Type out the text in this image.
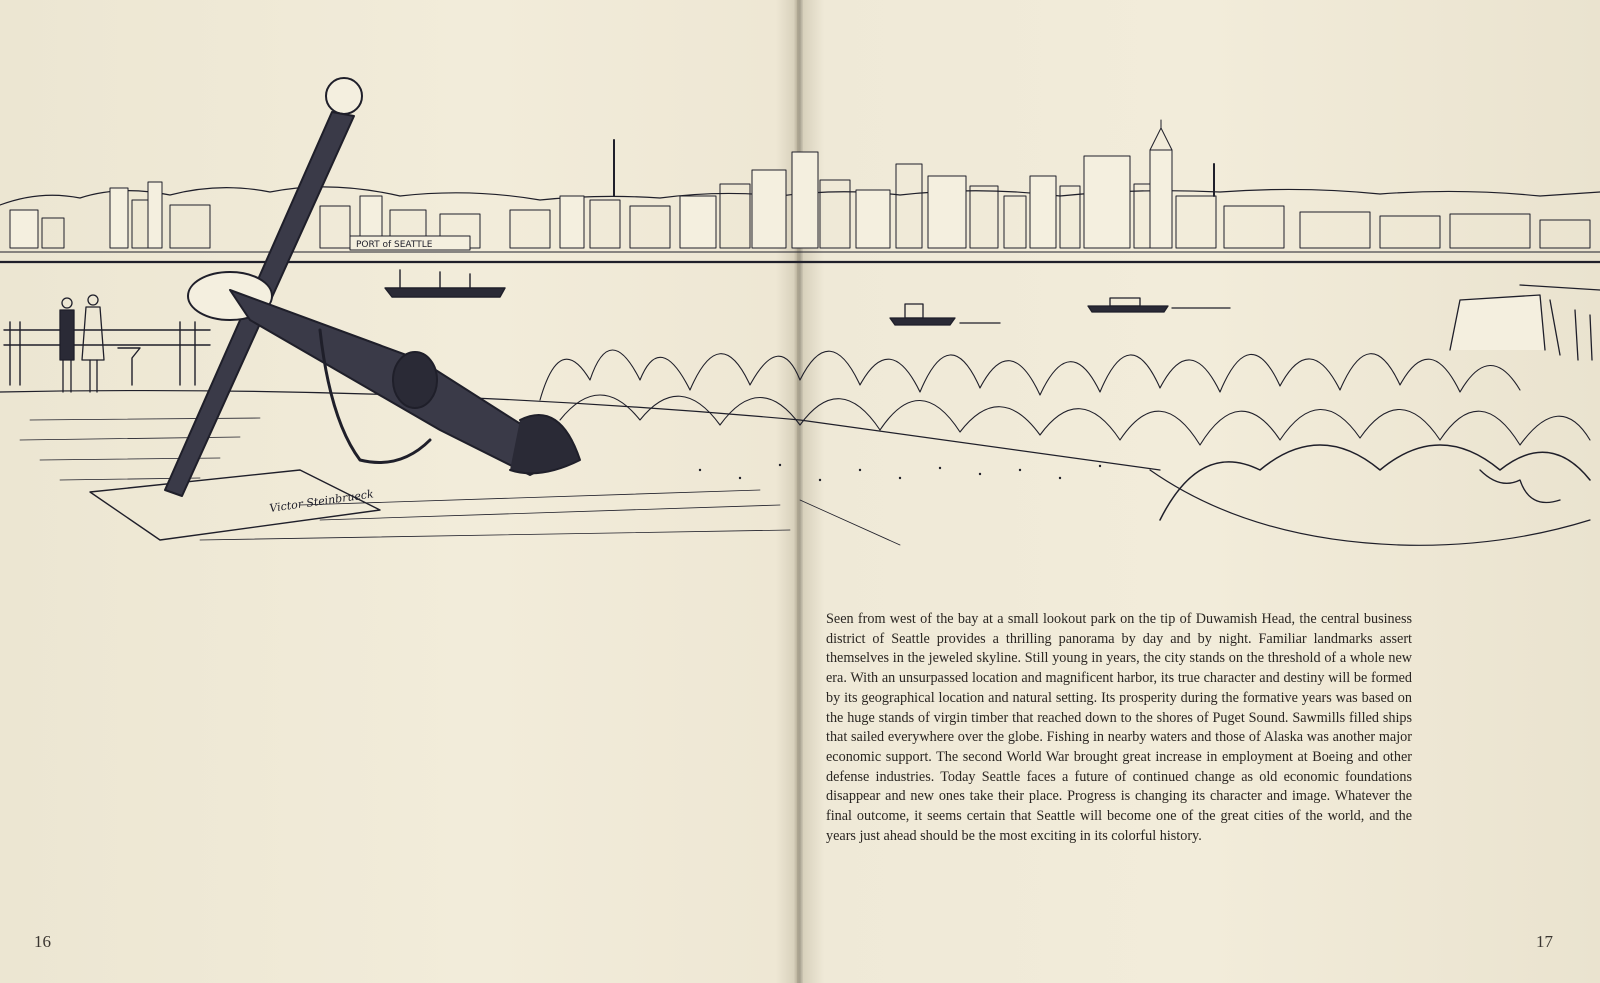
PORT of SEATTLE
Victor Steinbrueck

Seen from west of the bay at a small lookout park on the tip of Duwamish Head, the central business district of Seattle provides a thrilling panorama by day and by night. Familiar landmarks assert themselves in the jeweled skyline. Still young in years, the city stands on the threshold of a whole new era. With an unsurpassed location and magnificent harbor, its true character and destiny will be formed by its geographical location and natural setting. Its prosperity during the formative years was based on the huge stands of virgin timber that reached down to the shores of Puget Sound. Sawmills filled ships that sailed everywhere over the globe. Fishing in nearby waters and those of Alaska was another major economic support. The second World War brought great increase in employment at Boeing and other defense industries. Today Seattle faces a future of continued change as old economic foundations disappear and new ones take their place. Progress is changing its character and image. Whatever the final outcome, it seems certain that Seattle will become one of the great cities of the world, and the years just ahead should be the most exciting in its colorful history.

16	17
